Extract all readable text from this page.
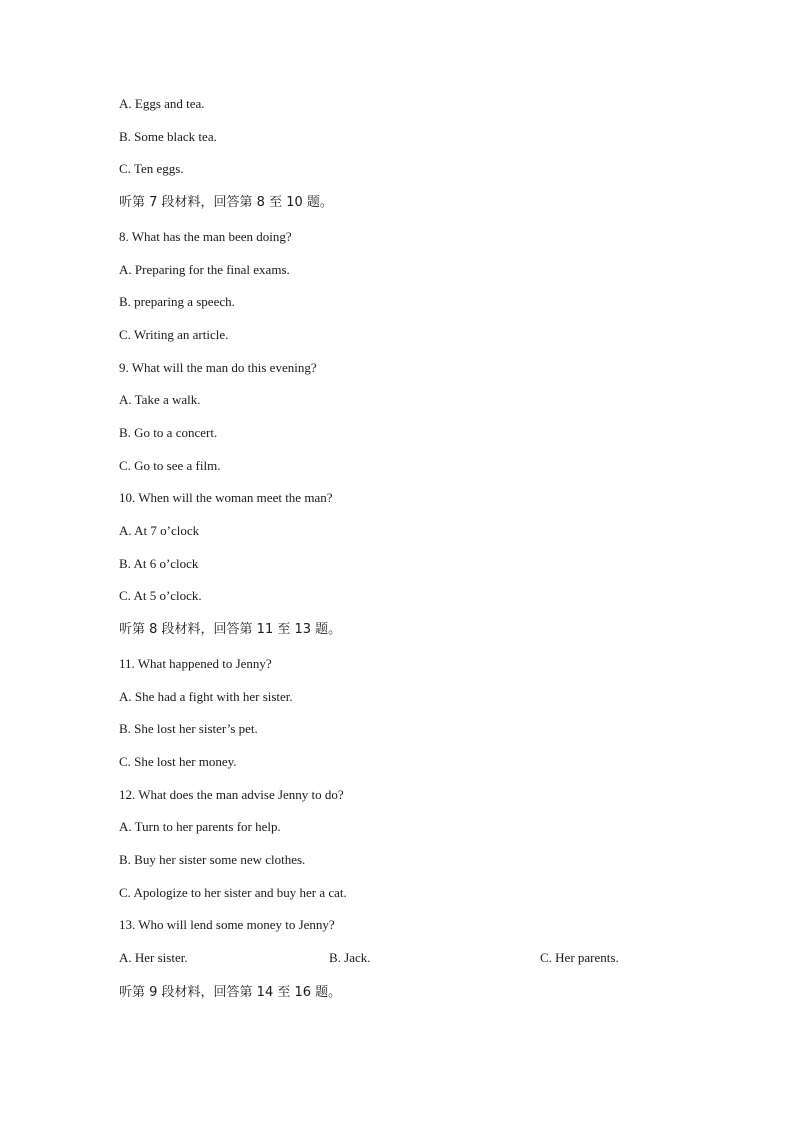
A. Eggs and tea.
B. Some black tea.
C. Ten eggs.
听第 7 段材料，回答第 8 至 10 题。
8. What has the man been doing?
A. Preparing for the final exams.
B. preparing a speech.
C. Writing an article.
9. What will the man do this evening?
A. Take a walk.
B. Go to a concert.
C. Go to see a film.
10. When will the woman meet the man?
A. At 7 o’clock
B. At 6 o’clock
C. At 5 o’clock.
听第 8 段材料，回答第 11 至 13 题。
11. What happened to Jenny?
A. She had a fight with her sister.
B. She lost her sister’s pet.
C. She lost her money.
12. What does the man advise Jenny to do?
A. Turn to her parents for help.
B. Buy her sister some new clothes.
C. Apologize to her sister and buy her a cat.
13. Who will lend some money to Jenny?
A. Her sister.	B. Jack.	C. Her parents.
听第 9 段材料，回答第 14 至 16 题。
